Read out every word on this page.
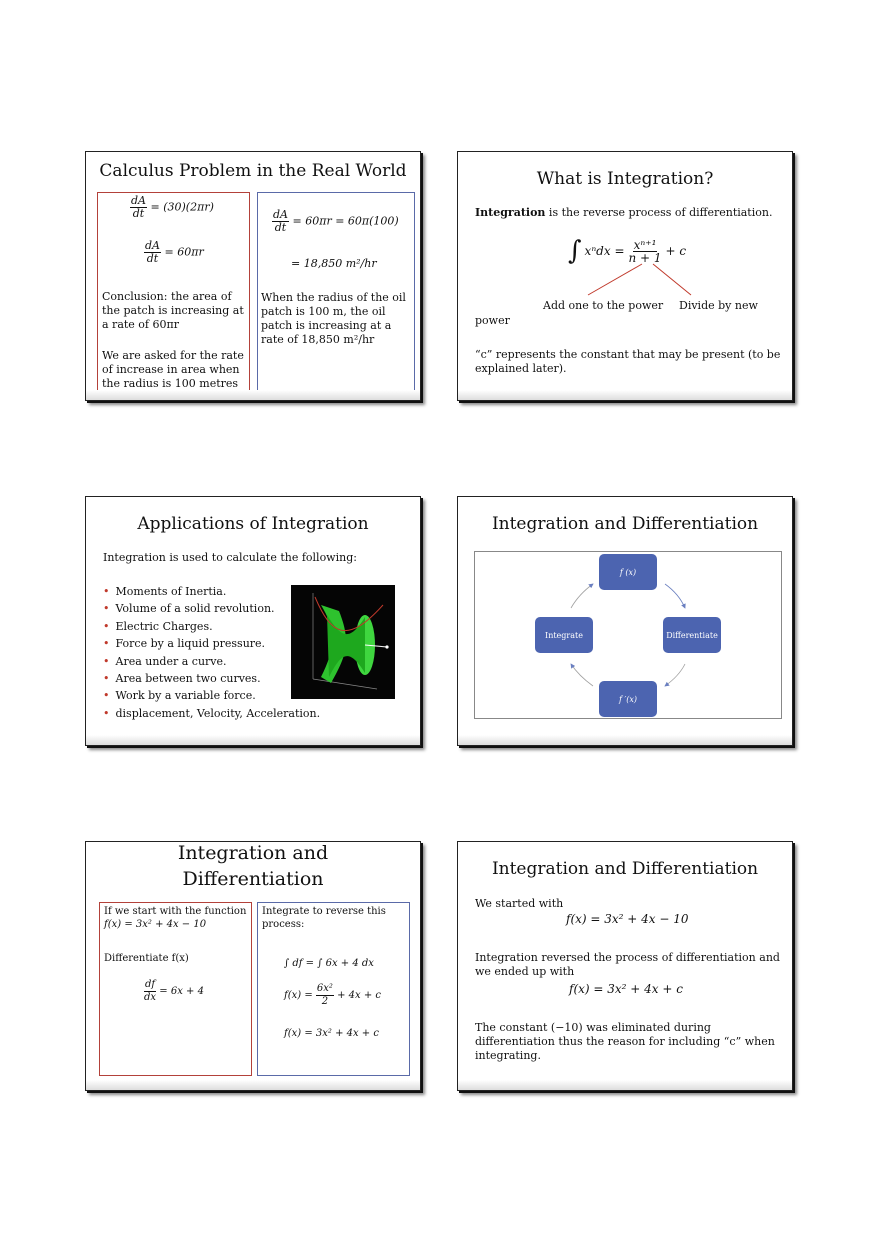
Calculus Problem in the Real World
$\frac{dA}{dt} = (30)(2\pi r)$
$\frac{dA}{dt} = 60\pi r$
Conclusion: the area of the patch is increasing at a rate of 60πr
We are asked for the rate of increase in area when the radius is 100 metres
$\frac{dA}{dt} = 60\pi r = 60\pi(100)$
= 18,850 m²/hr
When the radius of the oil patch is 100 m, the oil patch is increasing at a rate of 18,850 m²/hr
What is Integration?
Integration is the reverse process of differentiation.
∫ $x^ndx = \frac{\text{xⁿ⁺¹}}{n + 1} + c$
Add one to the power Divide by new
power
“c” represents the constant that may be present (to be explained later).
Applications of Integration
Integration is used to calculate the following:
• Moments of Inertia.
• Volume of a solid revolution.
• Electric Charges.
• Force by a liquid pressure.
• Area under a curve.
• Area between two curves.
• Work by a variable force.
• displacement, Velocity, Acceleration.
Integration and Differentiation
f (x)
Integrate	Differentiate
f ′(x)
Integration and
Differentiation
If we start with the function
f(x) = 3x² + 4x − 10
Differentiate f(x)
$\frac{df}{dx} = 6x + 4$
Integrate to reverse this
process:
∫ df = ∫ 6x + 4 dx
$f(x) = \frac{\text{6x²}}{2} + 4x + c$
f(x) = 3x² + 4x + c
Integration and Differentiation
We started with
f(x) = 3x² + 4x − 10
Integration reversed the process of differentiation and we ended up with
f(x) = 3x² + 4x + c
The constant (−10) was eliminated during differentiation thus the reason for including “c” when integrating.
